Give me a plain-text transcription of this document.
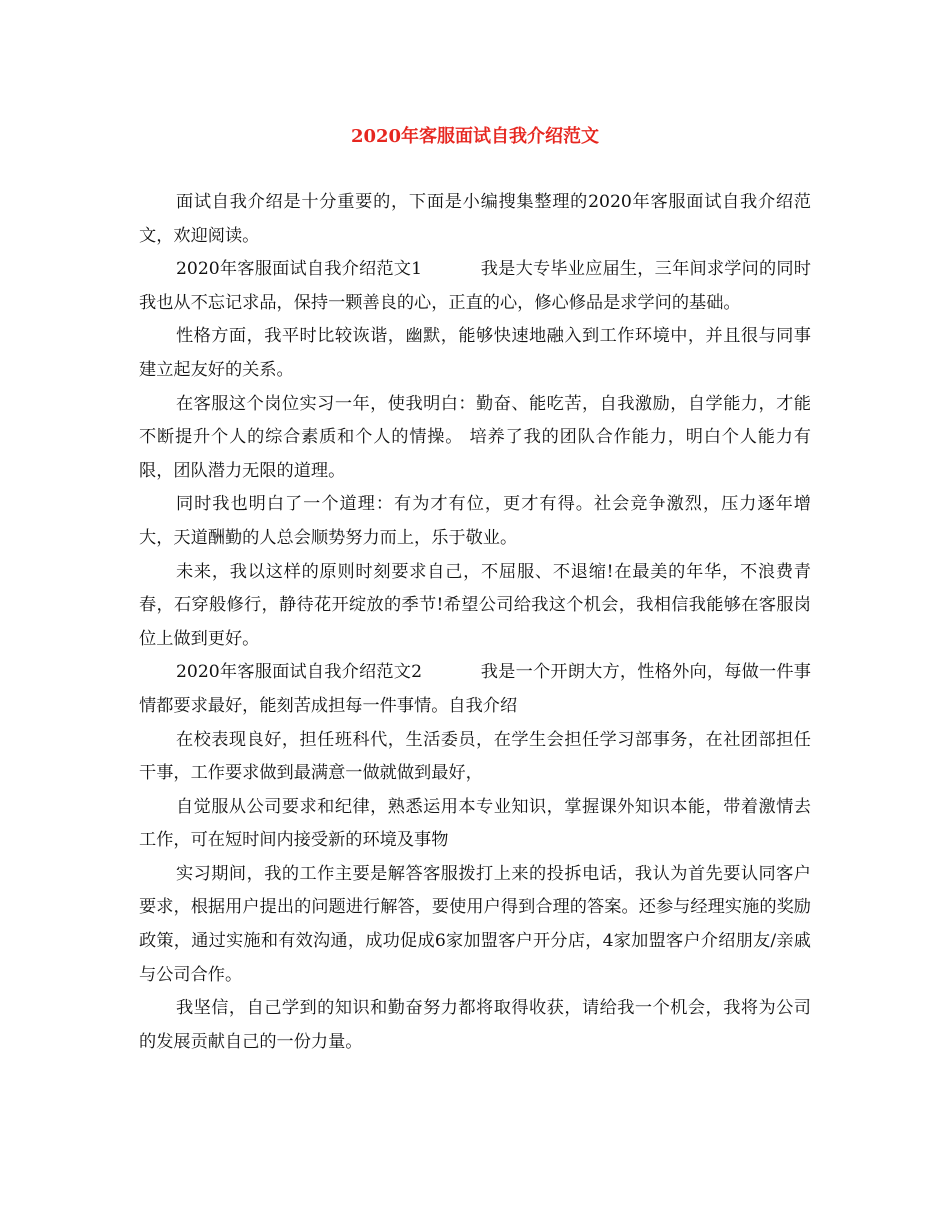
2020年客服面试自我介绍范文

面试自我介绍是十分重要的，下面是小编搜集整理的2020年客服面试自我介绍范文，欢迎阅读。

2020年客服面试自我介绍范文1	我是大专毕业应届生，三年间求学问的同时我也从不忘记求品，保持一颗善良的心，正直的心，修心修品是求学问的基础。

性格方面，我平时比较诙谐，幽默，能够快速地融入到工作环境中，并且很与同事建立起友好的关系。

在客服这个岗位实习一年，使我明白：勤奋、能吃苦，自我激励，自学能力，才能不断提升个人的综合素质和个人的情操。 培养了我的团队合作能力，明白个人能力有限，团队潜力无限的道理。

同时我也明白了一个道理：有为才有位，更才有得。社会竞争激烈，压力逐年增大，天道酬勤的人总会顺势努力而上，乐于敬业。

未来，我以这样的原则时刻要求自己，不屈服、不退缩!在最美的年华，不浪费青春，石穿般修行，静待花开绽放的季节!希望公司给我这个机会，我相信我能够在客服岗位上做到更好。

2020年客服面试自我介绍范文2	我是一个开朗大方，性格外向，每做一件事情都要求最好，能刻苦成担每一件事情。自我介绍

在校表现良好，担任班科代，生活委员，在学生会担任学习部事务，在社团部担任干事，工作要求做到最满意一做就做到最好，

自觉服从公司要求和纪律，熟悉运用本专业知识，掌握课外知识本能，带着激情去工作，可在短时间内接受新的环境及事物

实习期间，我的工作主要是解答客服拨打上来的投拆电话，我认为首先要认同客户要求，根据用户提出的问题进行解答，要使用户得到合理的答案。还参与经理实施的奖励政策，通过实施和有效沟通，成功促成6家加盟客户开分店，4家加盟客户介绍朋友/亲戚与公司合作。

我坚信，自己学到的知识和勤奋努力都将取得收获，请给我一个机会，我将为公司的发展贡献自己的一份力量。
